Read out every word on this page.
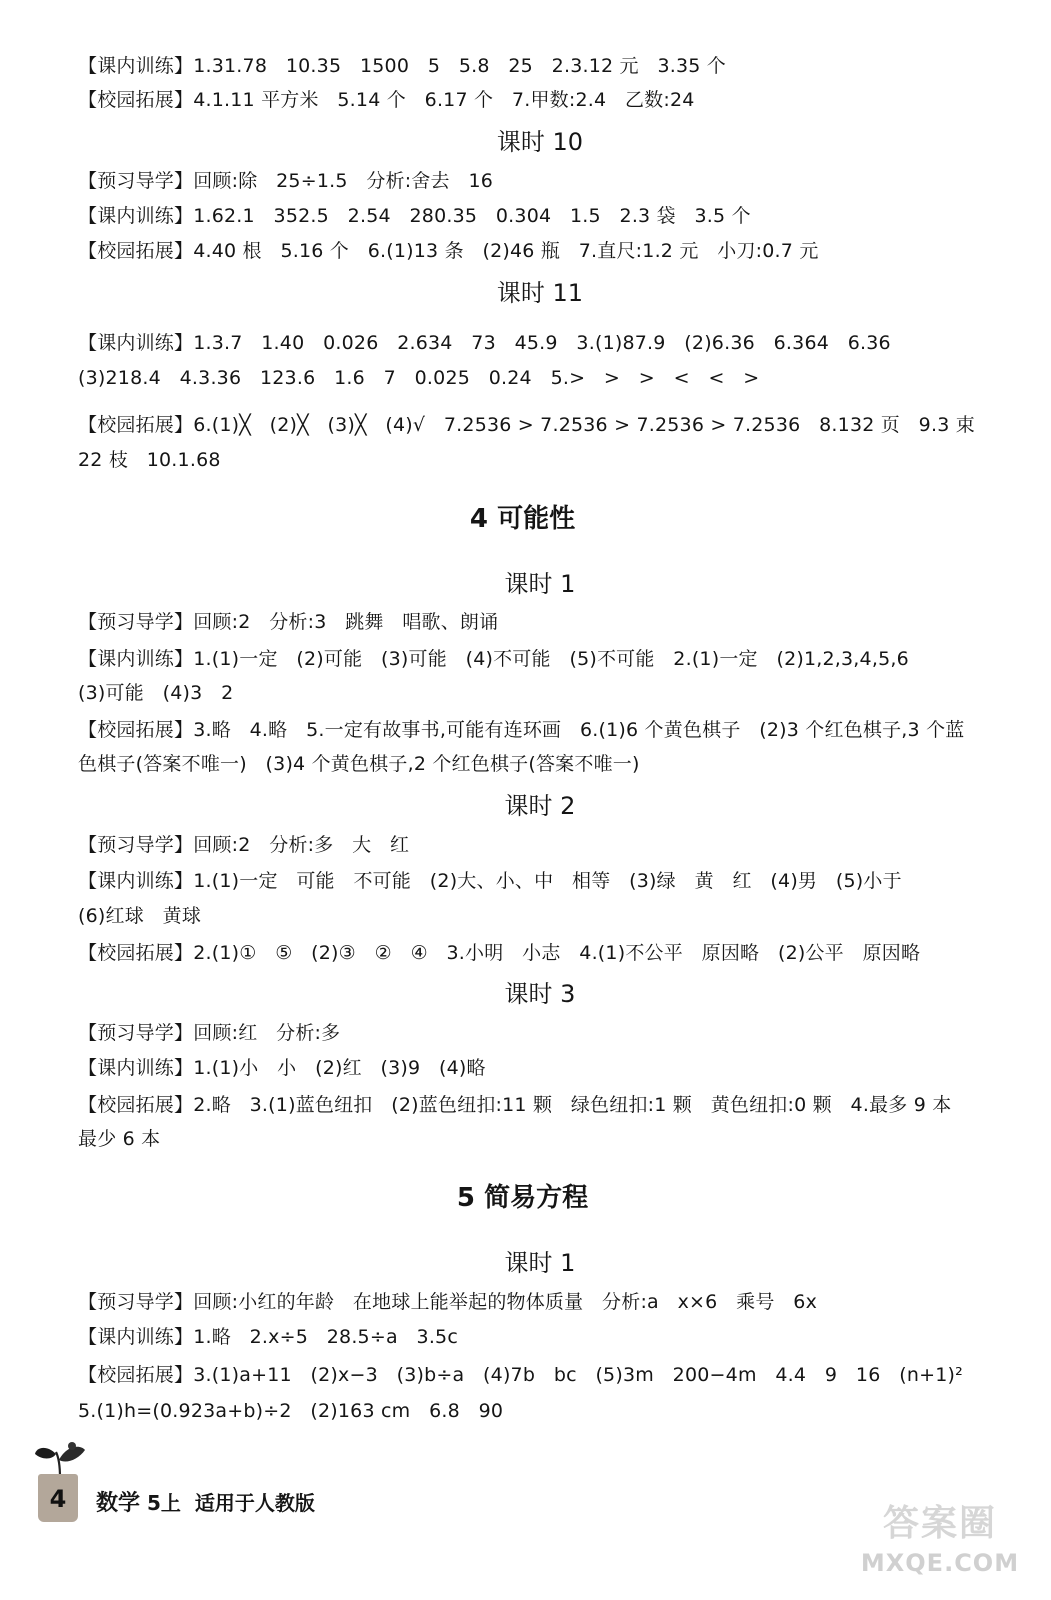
【课内训练】1.31.78   10.35   1500   5   5.8   25   2.3.12 元   3.35 个
【校园拓展】4.1.11 平方米   5.14 个   6.17 个   7.甲数:2.4   乙数:24
课时 10
【预习导学】回顾:除   25÷1.5   分析:舍去   16
【课内训练】1.62.1   352.5   2.54   280.35   0.304   1.5   2.3 袋   3.5 个
【校园拓展】4.40 根   5.16 个   6.(1)13 条   (2)46 瓶   7.直尺:1.2 元   小刀:0.7 元
课时 11
【课内训练】1.3.7   1.40   0.026   2.634   73   45.9   3.(1)87.9   (2)6.36   6.364   6.36
(3)218.4   4.3.36   123.6   1.6   7   0.025   0.24   5.>   >   >   <   <   >
【校园拓展】6.(1)╳   (2)╳   (3)╳   (4)√   7.2536 > 7.2536 > 7.2536 > 7.2536   8.132 页   9.3 束
22 枝   10.1.68
4 可能性
课时 1
【预习导学】回顾:2   分析:3   跳舞   唱歌、朗诵
【课内训练】1.(1)一定   (2)可能   (3)可能   (4)不可能   (5)不可能   2.(1)一定   (2)1,2,3,4,5,6
(3)可能   (4)3   2
【校园拓展】3.略   4.略   5.一定有故事书,可能有连环画   6.(1)6 个黄色棋子   (2)3 个红色棋子,3 个蓝
色棋子(答案不唯一)   (3)4 个黄色棋子,2 个红色棋子(答案不唯一)
课时 2
【预习导学】回顾:2   分析:多   大   红
【课内训练】1.(1)一定   可能   不可能   (2)大、小、中   相等   (3)绿   黄   红   (4)男   (5)小于
(6)红球   黄球
【校园拓展】2.(1)①   ⑤   (2)③   ②   ④   3.小明   小志   4.(1)不公平   原因略   (2)公平   原因略
课时 3
【预习导学】回顾:红   分析:多
【课内训练】1.(1)小   小   (2)红   (3)9   (4)略
【校园拓展】2.略   3.(1)蓝色纽扣   (2)蓝色纽扣:11 颗   绿色纽扣:1 颗   黄色纽扣:0 颗   4.最多 9 本
最少 6 本
5 简易方程
课时 1
【预习导学】回顾:小红的年龄   在地球上能举起的物体质量   分析:a   x×6   乘号   6x
【课内训练】1.略   2.x÷5   28.5÷a   3.5c
【校园拓展】3.(1)a+11   (2)x−3   (3)b÷a   (4)7b   bc   (5)3m   200−4m   4.4   9   16   (n+1)²
5.(1)h=(0.923a+b)÷2   (2)163 cm   6.8   90
4	数学 5上 适用于人教版	答案圈
MXQE.COM
